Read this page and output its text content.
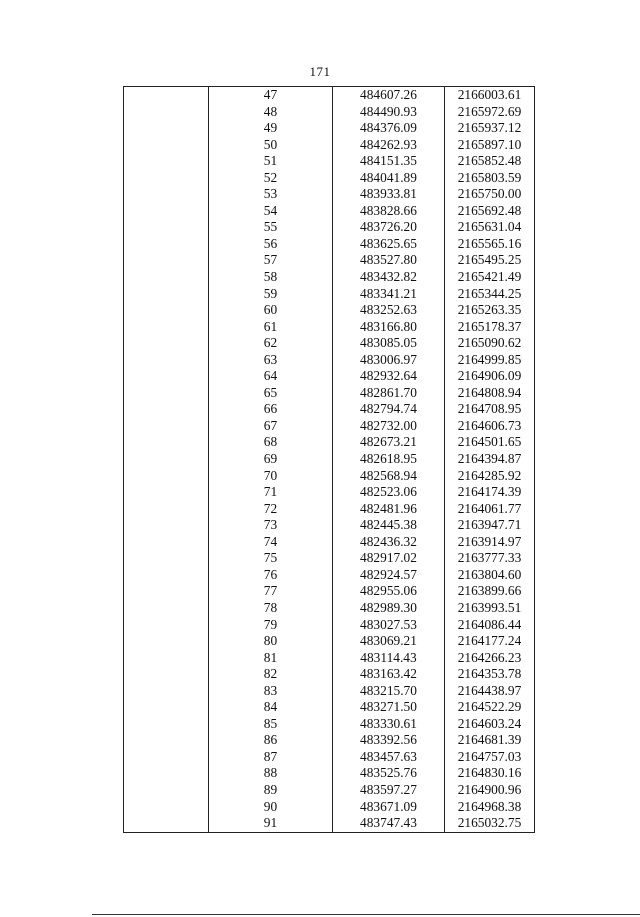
171
	47	484607.26	2166003.61
	48	484490.93	2165972.69
	49	484376.09	2165937.12
	50	484262.93	2165897.10
	51	484151.35	2165852.48
	52	484041.89	2165803.59
	53	483933.81	2165750.00
	54	483828.66	2165692.48
	55	483726.20	2165631.04
	56	483625.65	2165565.16
	57	483527.80	2165495.25
	58	483432.82	2165421.49
	59	483341.21	2165344.25
	60	483252.63	2165263.35
	61	483166.80	2165178.37
	62	483085.05	2165090.62
	63	483006.97	2164999.85
	64	482932.64	2164906.09
	65	482861.70	2164808.94
	66	482794.74	2164708.95
	67	482732.00	2164606.73
	68	482673.21	2164501.65
	69	482618.95	2164394.87
	70	482568.94	2164285.92
	71	482523.06	2164174.39
	72	482481.96	2164061.77
	73	482445.38	2163947.71
	74	482436.32	2163914.97
	75	482917.02	2163777.33
	76	482924.57	2163804.60
	77	482955.06	2163899.66
	78	482989.30	2163993.51
	79	483027.53	2164086.44
	80	483069.21	2164177.24
	81	483114.43	2164266.23
	82	483163.42	2164353.78
	83	483215.70	2164438.97
	84	483271.50	2164522.29
	85	483330.61	2164603.24
	86	483392.56	2164681.39
	87	483457.63	2164757.03
	88	483525.76	2164830.16
	89	483597.27	2164900.96
	90	483671.09	2164968.38
	91	483747.43	2165032.75
